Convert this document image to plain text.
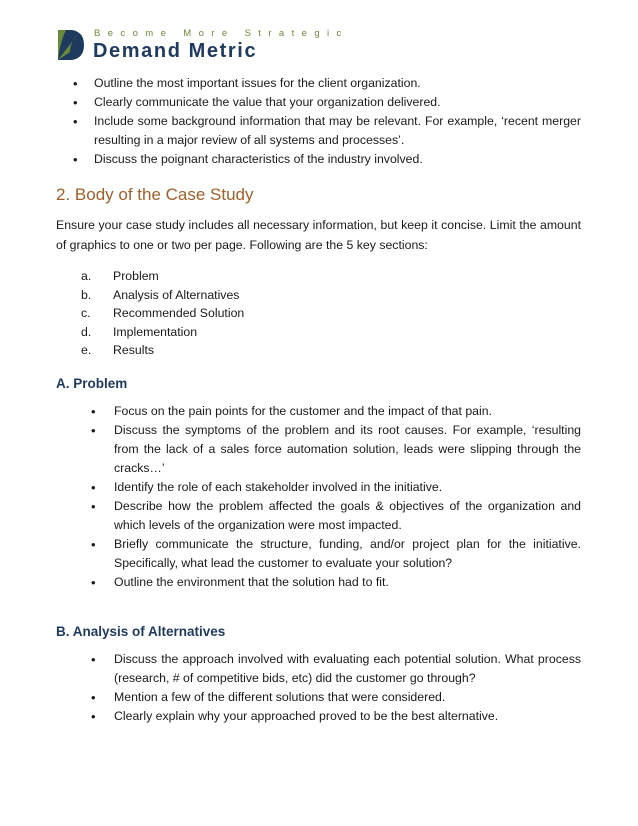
Become More Strategic
Demand Metric
• Outline the most important issues for the client organization.
• Clearly communicate the value that your organization delivered.
• Include some background information that may be relevant. For example, ‘recent merger resulting in a major review of all systems and processes’.
• Discuss the poignant characteristics of the industry involved.
2. Body of the Case Study

Ensure your case study includes all necessary information, but keep it concise. Limit the amount of graphics to one or two per page. Following are the 5 key sections:

a. Problem
b. Analysis of Alternatives
c. Recommended Solution
d. Implementation
e. Results
A. Problem
• Focus on the pain points for the customer and the impact of that pain.
• Discuss the symptoms of the problem and its root causes. For example, ‘resulting from the lack of a sales force automation solution, leads were slipping through the cracks…’
• Identify the role of each stakeholder involved in the initiative.
• Describe how the problem affected the goals & objectives of the organization and which levels of the organization were most impacted.
• Briefly communicate the structure, funding, and/or project plan for the initiative. Specifically, what lead the customer to evaluate your solution?
• Outline the environment that the solution had to fit.
B. Analysis of Alternatives
• Discuss the approach involved with evaluating each potential solution. What process (research, # of competitive bids, etc) did the customer go through?
• Mention a few of the different solutions that were considered.
• Clearly explain why your approached proved to be the best alternative.
